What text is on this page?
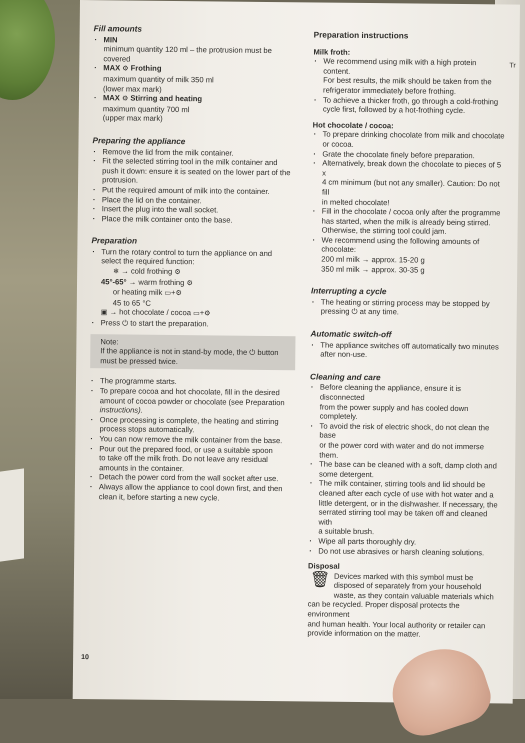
Fill amounts
· MIN
minimum quantity 120 ml – the protrusion must be
covered
· MAX ⚙ Frothing
maximum quantity of milk 350 ml
(lower max mark)
· MAX ⚙ Stirring and heating
maximum quantity 700 ml
(upper max mark)
Preparing the appliance
· Remove the lid from the milk container.
· Fit the selected stirring tool in the milk container and
push it down: ensure it is seated on the lower part of the
protrusion.
· Put the required amount of milk into the container.
· Place the lid on the container.
· Insert the plug into the wall socket.
· Place the milk container onto the base.
Preparation
· Turn the rotary control to turn the appliance on and
select the required function:
❄ → cold frothing ⚙
45°-65° → warm frothing ⚙
or heating milk ▭+⚙
45 to 65 °C
▣ → hot chocolate / cocoa ▭+⚙
· Press ⏻ to start the preparation.
Note:
If the appliance is not in stand-by mode, the ⏻ button
must be pressed twice.
· The programme starts.
· To prepare cocoa and hot chocolate, fill in the desired
amount of cocoa powder or chocolate (see Preparation
instructions).
· Once processing is complete, the heating and stirring
process stops automatically.
· You can now remove the milk container from the base.
· Pour out the prepared food, or use a suitable spoon
to take off the milk froth. Do not leave any residual
amounts in the container.
· Detach the power cord from the wall socket after use.
· Always allow the appliance to cool down first, and then
clean it, before starting a new cycle.
Preparation instructions
Milk froth:
· We recommend using milk with a high protein content.
For best results, the milk should be taken from the
refrigerator immediately before frothing.
· To achieve a thicker froth, go through a cold-frothing
cycle first, followed by a hot-frothing cycle.
Hot chocolate / cocoa:
· To prepare drinking chocolate from milk and chocolate
or cocoa.
· Grate the chocolate finely before preparation.
· Alternatively, break down the chocolate to pieces of 5 x
4 cm minimum (but not any smaller). Caution: Do not fill
in melted chocolate!
· Fill in the chocolate / cocoa only after the programme
has started, when the milk is already being stirred.
Otherwise, the stirring tool could jam.
· We recommend using the following amounts of
chocolate:
200 ml milk → approx. 15-20 g
350 ml milk → approx. 30-35 g
Interrupting a cycle
· The heating or stirring process may be stopped by
pressing ⏻ at any time.
Automatic switch-off
· The appliance switches off automatically two minutes
after non-use.
Cleaning and care
· Before cleaning the appliance, ensure it is disconnected
from the power supply and has cooled down completely.
· To avoid the risk of electric shock, do not clean the base
or the power cord with water and do not immerse them.
· The base can be cleaned with a soft, damp cloth and
some detergent.
· The milk container, stirring tools and lid should be
cleaned after each cycle of use with hot water and a
little detergent, or in the dishwasher. If necessary, the
serrated stirring tool may be taken off and cleaned with
a suitable brush.
· Wipe all parts thoroughly dry.
· Do not use abrasives or harsh cleaning solutions.
Disposal
🗑 Devices marked with this symbol must be
disposed of separately from your household
waste, as they contain valuable materials which
can be recycled. Proper disposal protects the environment
and human health. Your local authority or retailer can
provide information on the matter.
10
Tr
